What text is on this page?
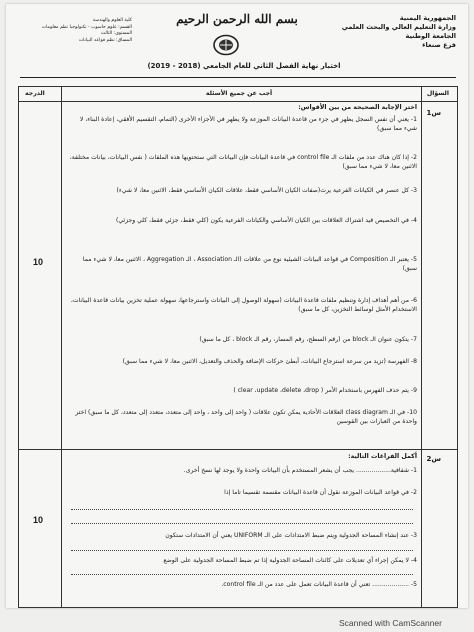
الجمهورية اليمنية
وزارة التعليم العالي والبحث العلمي
الجامعة الوطنية
فرع صنعاء
بسم الله الرحمن الرحيم
كلية العلوم والهندسة
القسم: علوم حاسوب - تكنولوجيا نظم معلومات
المستوى: الثالث
المساق: نظم قواعد البيانات
اختبار نهاية الفصل الثاني للعام الجامعي (2018 - 2019)
السؤال
أجب عن جميع الأسئلة
الدرجة
س1
10
اختر الإجابة الصحيحة من بين الأقواس:
1- يعني أن نفس السجل يظهر في جزء من قاعدة البيانات الموزعة ولا يظهر في الأجزاء الأخرى (التمام، التقسيم الأفقي، إعادة البناء، لا شيء مما سبق)
2- إذا كان هناك عدد من ملفات الـ control file في قاعدة البيانات فإن البيانات التي ستحتويها هذه الملفات ( نفس البيانات، بيانات مختلفة، الاثنين معا، لا شيء مما سبق)
3- كل عنصر في الكيانات الفرعية يرث(صفات الكيان الأساسي فقط، علاقات الكيان الأساسي فقط، الاثنين معا، لا شيء)
4- في التخصيص قيد اشتراك العلاقات بين الكيان الأساسي والكيانات الفرعية يكون (كلي فقط، جزئي فقط، كلي وجزئي)
5- يعتبر الـ Composition في قواعد البيانات الشيئية نوع من علاقات (الـ Association ، الـ Aggregation ، الاثنين معا، لا شيء مما سبق)
6- من أهم أهداف إدارة وتنظيم ملفات قاعدة البيانات (سهولة الوصول إلى البيانات واسترجاعها، سهولة عملية تخزين بيانات قاعدة البيانات، الاستخدام الأمثل لوسائط التخزين، كل ما سبق)
7- يتكون عنوان الـ block من (رقم السطح، رقم المسار، رقم الـ block ، كل ما سبق)
8- الفهرسة (تزيد من سرعة استرجاع البيانات، أبطئ حركات الإضافة والحذف والتعديل، الاثنين معا، لا شيء مما سبق)
9- يتم حذف الفهرس باستخدام الأمر ( clear ،update ،delete ،drop )
10- في الـ class diagram العلاقات الأحادية يمكن تكون علاقات ( واحد إلى واحد ، واحد إلى متعدد، متعدد إلى متعدد، كل ما سبق) اختر واحدة من العبارات بين القوسين
س2
10
أكمل الفراغات التالية:
1- شفافية.................. يجب أن يشعر المستخدم بأن البيانات واحدة ولا يوجد لها نسخ أخرى.
2- في قواعد البيانات الموزعة نقول أن قاعدة البيانات مقسمة تقسيما تاما إذا
3- عند إنشاء المساحة الجدولية ويتم ضبط الامتدادات على الـ UNIFORM يعني أن الامتدادات ستكون
4- لا يمكن إجراء أي تعديلات على كائنات المساحة الجدولية إذا تم ضبط المساحة الجدولية على الوضع
5- ................... تعني أن قاعدة البيانات تعمل على عدد من الـ control file.
Scanned with CamScanner
